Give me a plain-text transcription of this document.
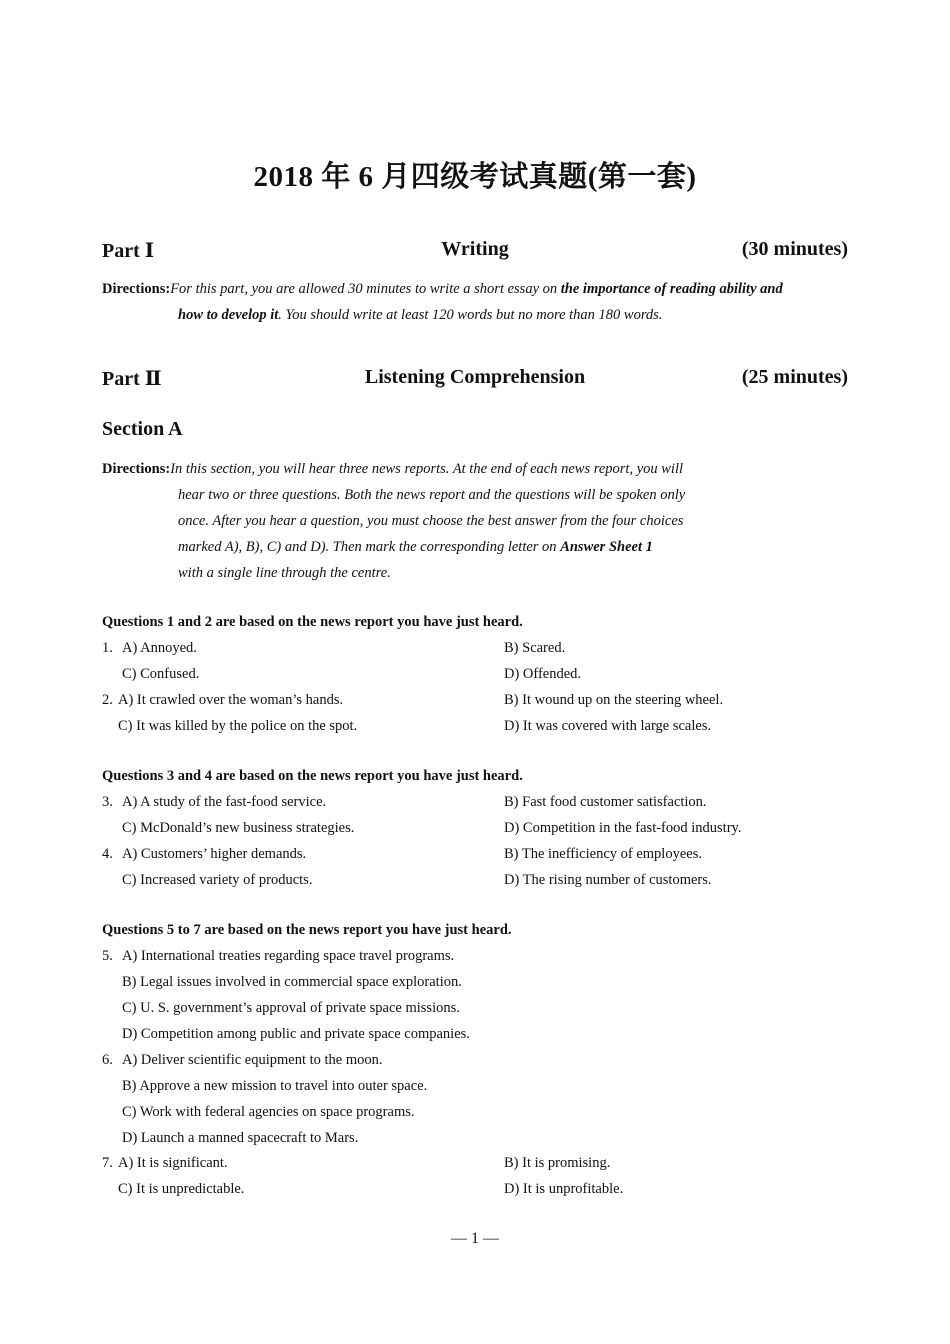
2018 年 6 月四级考试真题(第一套)
Part Ⅰ	Writing	(30 minutes)
Directions:For this part, you are allowed 30 minutes to write a short essay on the importance of reading ability and
how to develop it. You should write at least 120 words but no more than 180 words.
Part Ⅱ	Listening Comprehension	(25 minutes)
Section A
Directions:In this section, you will hear three news reports. At the end of each news report, you will
hear two or three questions. Both the news report and the questions will be spoken only
once. After you hear a question, you must choose the best answer from the four choices
marked A), B), C) and D). Then mark the corresponding letter on Answer Sheet 1
with a single line through the centre.
Questions 1 and 2 are based on the news report you have just heard.
1. A) Annoyed.	B) Scared.
C) Confused.	D) Offended.
2. A) It crawled over the woman’s hands.	B) It wound up on the steering wheel.
C) It was killed by the police on the spot.	D) It was covered with large scales.
Questions 3 and 4 are based on the news report you have just heard.
3. A) A study of the fast-food service.	B) Fast food customer satisfaction.
C) McDonald’s new business strategies.	D) Competition in the fast-food industry.
4. A) Customers’ higher demands.	B) The inefficiency of employees.
C) Increased variety of products.	D) The rising number of customers.
Questions 5 to 7 are based on the news report you have just heard.
5. A) International treaties regarding space travel programs.
B) Legal issues involved in commercial space exploration.
C) U. S. government’s approval of private space missions.
D) Competition among public and private space companies.
6. A) Deliver scientific equipment to the moon.
B) Approve a new mission to travel into outer space.
C) Work with federal agencies on space programs.
D) Launch a manned spacecraft to Mars.
7. A) It is significant.	B) It is promising.
C) It is unpredictable.	D) It is unprofitable.
— 1 —
